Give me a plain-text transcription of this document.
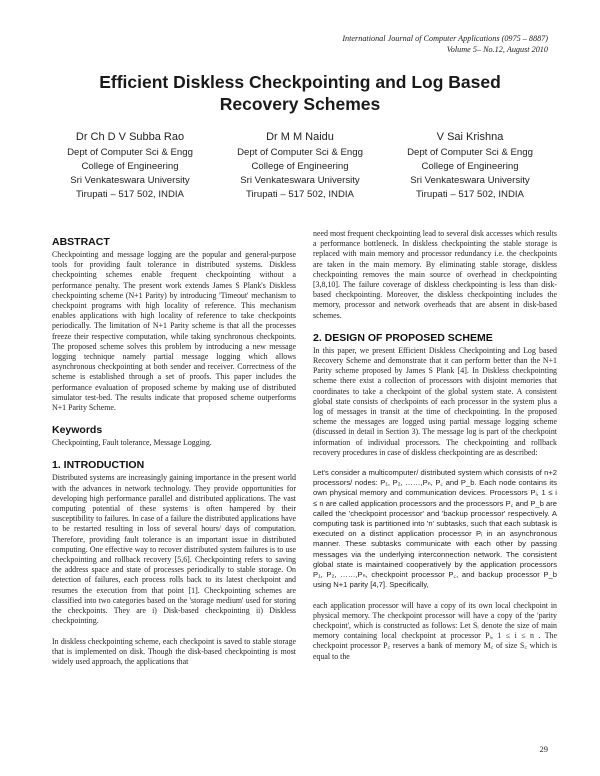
International Journal of Computer Applications (0975 – 8887)
Volume 5– No.12, August 2010
Efficient Diskless Checkpointing and Log Based
Recovery Schemes
Dr Ch D V Subba Rao
Dept of Computer Sci & Engg
College of Engineering
Sri Venkateswara University
Tirupati – 517 502, INDIA
Dr M M Naidu
Dept of Computer Sci & Engg
College of Engineering
Sri Venkateswara University
Tirupati – 517 502, INDIA
V Sai Krishna
Dept of Computer Sci & Engg
College of Engineering
Sri Venkateswara University
Tirupati – 517 502, INDIA
ABSTRACT

Checkpointing and message logging are the popular and general-purpose tools for providing fault tolerance in distributed systems. Diskless checkpointing schemes enable frequent checkpointing without a performance penalty. The present work extends James S Plank's Diskless checkpointing scheme (N+1 Parity) by introducing 'Timeout' mechanism to checkpoint programs with high locality of reference. This mechanism enables applications with high locality of reference to take checkpoints periodically. The limitation of N+1 Parity scheme is that all the processes freeze their respective computation, while taking synchronous checkpoints. The proposed scheme solves this problem by introducing a new message logging technique namely partial message logging which allows asynchronous checkpointing at both sender and receiver. Correctness of the scheme is established through a set of proofs. This paper includes the performance evaluation of proposed scheme by making use of distributed simulator test-bed. The results indicate that proposed scheme outperforms N+1 Parity Scheme.

Keywords

Checkpointing, Fault tolerance, Message Logging.

1. INTRODUCTION

Distributed systems are increasingly gaining importance in the present world with the advances in network technology. They provide opportunities for developing high performance parallel and distributed applications. The vast computing potential of these systems is often hampered by their susceptibility to failures. In case of a failure the distributed applications have to be restarted resulting in loss of several hours/ days of computation. Therefore, providing fault tolerance is an important issue in distributed computing. One effective way to recover distributed system failures is to use checkpointing and rollback recovery [5,6]. Checkpointing refers to saving the address space and state of processes periodically to stable storage. On detection of failures, each process rolls back to its latest checkpoint and resumes the execution from that point [1]. Checkpointing schemes are classified into two categories based on the 'storage medium' used for storing the checkpoints. They are i) Disk-based checkpointing ii) Diskless checkpointing.

In diskless checkpointing scheme, each checkpoint is saved to stable storage that is implemented on disk. Though the disk-based checkpointing is most widely used approach, the applications that

need most frequent checkpointing lead to several disk accesses which results a performance bottleneck. In diskless checkpointing the stable storage is replaced with main memory and processor redundancy i.e. the checkpoints are taken in the main memory. By eliminating stable storage, diskless checkpointing removes the main source of overhead in checkpointing [3,8,10]. The failure coverage of diskless checkpointing is less than disk-based checkpointing. Moreover, the diskless checkpointing includes the memory, processor and network overheads that are absent in disk-based schemes.

2. DESIGN OF PROPOSED SCHEME

In this paper, we present Efficient Diskless Checkpointing and Log based Recovery Scheme and demonstrate that it can perform better than the N+1 Parity scheme proposed by James S Plank [4]. In Diskless checkpointing scheme there exist a collection of processors with disjoint memories that coordinates to take a checkpoint of the global system state. A consistent global state consists of checkpoints of each processor in the system plus a log of messages in transit at the time of checkpointing. In the proposed scheme the messages are logged using partial message logging scheme (discussed in detail in Section 3). The message log is part of the checkpoint information of individual processors. The checkpointing and rollback recovery procedures in case of diskless checkpointing are as described:

Let's consider a multicomputer/ distributed system which consists of n+2 processors/ nodes: P₁, P₂, ……,Pₙ, P꜀ and P_b. Each node contains its own physical memory and communication devices. Processors Pᵢ, 1 ≤ i ≤ n are called application processors and the processors P꜀ and P_b are called the 'checkpoint processor' and 'backup processor' respectively. A computing task is partitioned into 'n' subtasks, such that each subtask is executed on a distinct application processor Pᵢ in an asynchronous manner. These subtasks communicate with each other by passing messages via the underlying interconnection network. The consistent global state is maintained cooperatively by the application processors P₁, P₂, ……,Pₙ, checkpoint processor P꜀, and backup processor P_b using N+1 parity [4,7]. Specifically,

each application processor will have a copy of its own local checkpoint in physical memory. The checkpoint processor will have a copy of the 'parity checkpoint', which is constructed as follows: Let Sᵢ denote the size of main memory containing local checkpoint at processor Pᵢ, 1 ≤ i ≤ n . The checkpoint processor P꜀ reserves a bank of memory M꜀ of size S꜀ which is equal to the

29
